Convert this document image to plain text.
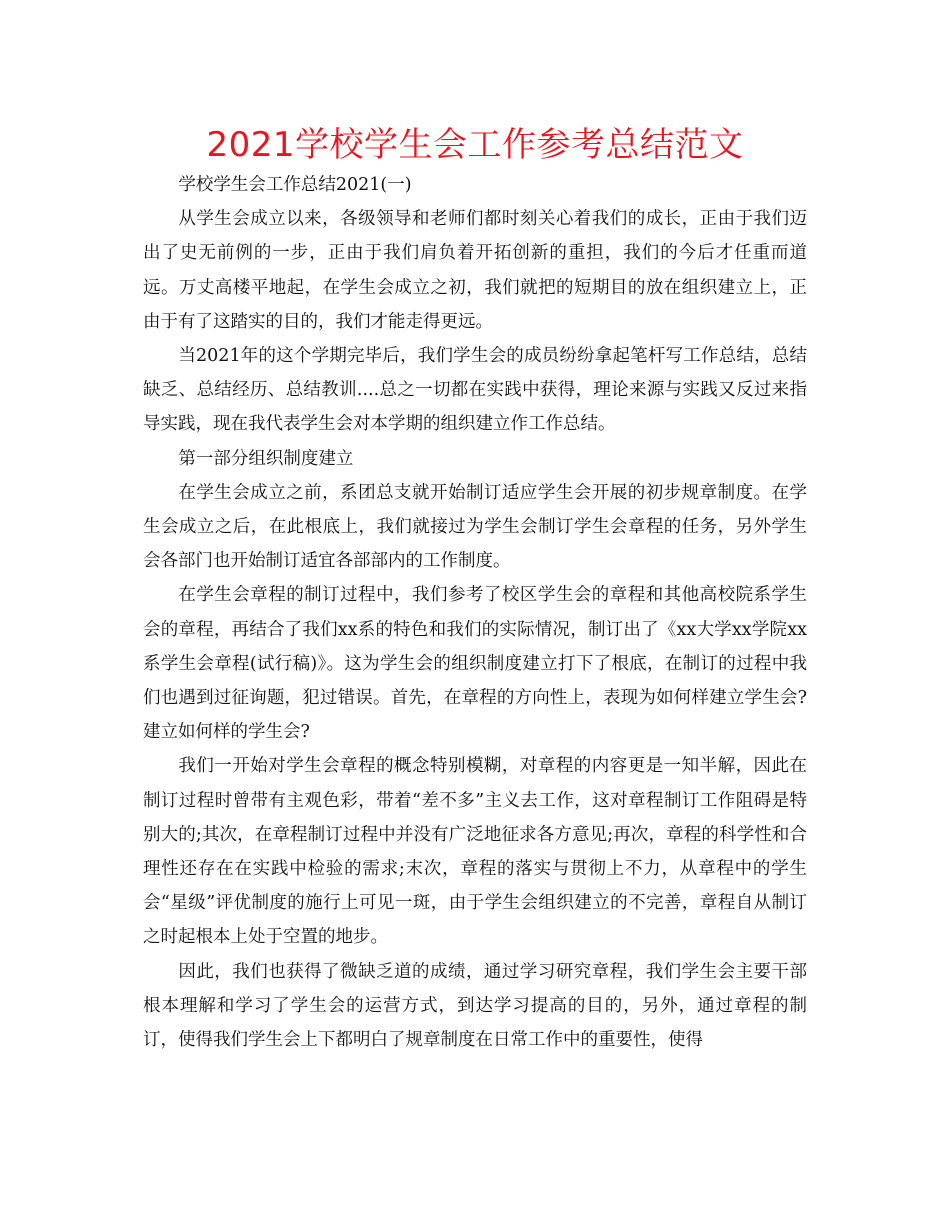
2021学校学生会工作参考总结范文

学校学生会工作总结2021(一)

从学生会成立以来，各级领导和老师们都时刻关心着我们的成长，正由于我们迈出了史无前例的一步，正由于我们肩负着开拓创新的重担，我们的今后才任重而道远。万丈高楼平地起，在学生会成立之初，我们就把的短期目的放在组织建立上，正由于有了这踏实的目的，我们才能走得更远。

当2021年的这个学期完毕后，我们学生会的成员纷纷拿起笔杆写工作总结，总结缺乏、总结经历、总结教训....总之一切都在实践中获得，理论来源与实践又反过来指导实践，现在我代表学生会对本学期的组织建立作工作总结。

第一部分组织制度建立

在学生会成立之前，系团总支就开始制订适应学生会开展的初步规章制度。在学生会成立之后，在此根底上，我们就接过为学生会制订学生会章程的任务，另外学生会各部门也开始制订适宜各部部内的工作制度。

在学生会章程的制订过程中，我们参考了校区学生会的章程和其他高校院系学生会的章程，再结合了我们xx系的特色和我们的实际情况，制订出了《xx大学xx学院xx系学生会章程(试行稿)》。这为学生会的组织制度建立打下了根底，在制订的过程中我们也遇到过征询题，犯过错误。首先，在章程的方向性上，表现为如何样建立学生会?建立如何样的学生会?

我们一开始对学生会章程的概念特别模糊，对章程的内容更是一知半解，因此在制订过程时曾带有主观色彩，带着“差不多”主义去工作，这对章程制订工作阻碍是特别大的;其次，在章程制订过程中并没有广泛地征求各方意见;再次，章程的科学性和合理性还存在在实践中检验的需求;末次，章程的落实与贯彻上不力，从章程中的学生会“星级”评优制度的施行上可见一斑，由于学生会组织建立的不完善，章程自从制订之时起根本上处于空置的地步。

因此，我们也获得了微缺乏道的成绩，通过学习研究章程，我们学生会主要干部根本理解和学习了学生会的运营方式，到达学习提高的目的，另外，通过章程的制订，使得我们学生会上下都明白了规章制度在日常工作中的重要性，使得
